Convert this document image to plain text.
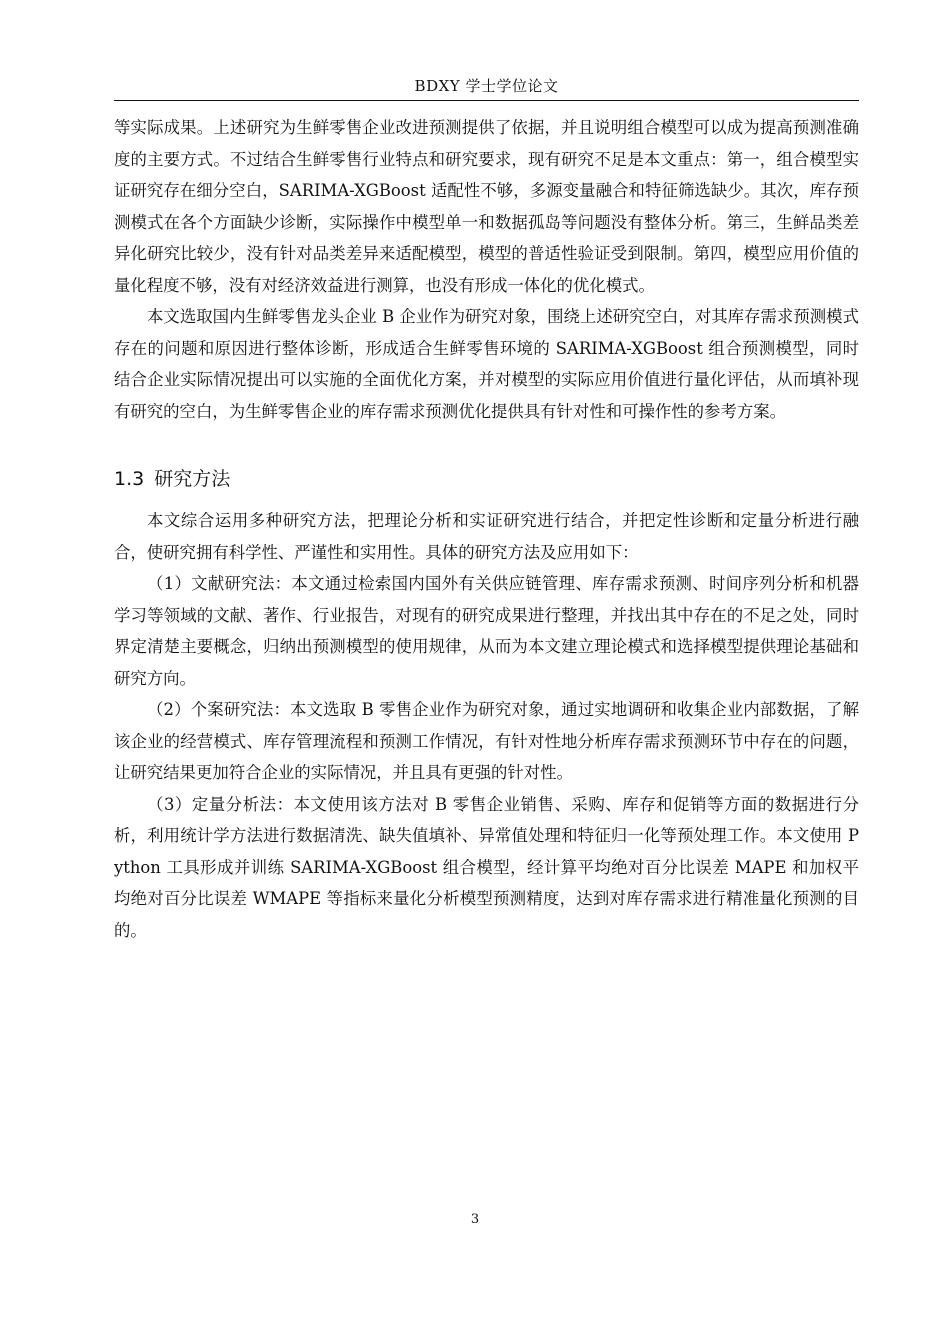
BDXY 学士学位论文

等实际成果。上述研究为生鲜零售企业改进预测提供了依据，并且说明组合模型可以成为提高预测准确度的主要方式。不过结合生鲜零售行业特点和研究要求，现有研究不足是本文重点：第一，组合模型实证研究存在细分空白，SARIMA-XGBoost 适配性不够，多源变量融合和特征筛选缺少。其次，库存预测模式在各个方面缺少诊断，实际操作中模型单一和数据孤岛等问题没有整体分析。第三，生鲜品类差异化研究比较少，没有针对品类差异来适配模型，模型的普适性验证受到限制。第四，模型应用价值的量化程度不够，没有对经济效益进行测算，也没有形成一体化的优化模式。

本文选取国内生鲜零售龙头企业 B 企业作为研究对象，围绕上述研究空白，对其库存需求预测模式存在的问题和原因进行整体诊断，形成适合生鲜零售环境的 SARIMA-XGBoost 组合预测模型，同时结合企业实际情况提出可以实施的全面优化方案，并对模型的实际应用价值进行量化评估，从而填补现有研究的空白，为生鲜零售企业的库存需求预测优化提供具有针对性和可操作性的参考方案。

1.3 研究方法

本文综合运用多种研究方法，把理论分析和实证研究进行结合，并把定性诊断和定量分析进行融合，使研究拥有科学性、严谨性和实用性。具体的研究方法及应用如下：

（1）文献研究法：本文通过检索国内国外有关供应链管理、库存需求预测、时间序列分析和机器学习等领域的文献、著作、行业报告，对现有的研究成果进行整理，并找出其中存在的不足之处，同时界定清楚主要概念，归纳出预测模型的使用规律，从而为本文建立理论模式和选择模型提供理论基础和研究方向。

（2）个案研究法：本文选取 B 零售企业作为研究对象，通过实地调研和收集企业内部数据，了解该企业的经营模式、库存管理流程和预测工作情况，有针对性地分析库存需求预测环节中存在的问题，让研究结果更加符合企业的实际情况，并且具有更强的针对性。

（3）定量分析法：本文使用该方法对 B 零售企业销售、采购、库存和促销等方面的数据进行分析，利用统计学方法进行数据清洗、缺失值填补、异常值处理和特征归一化等预处理工作。本文使用 Python 工具形成并训练 SARIMA-XGBoost 组合模型，经计算平均绝对百分比误差 MAPE 和加权平均绝对百分比误差 WMAPE 等指标来量化分析模型预测精度，达到对库存需求进行精准量化预测的目的。

3
